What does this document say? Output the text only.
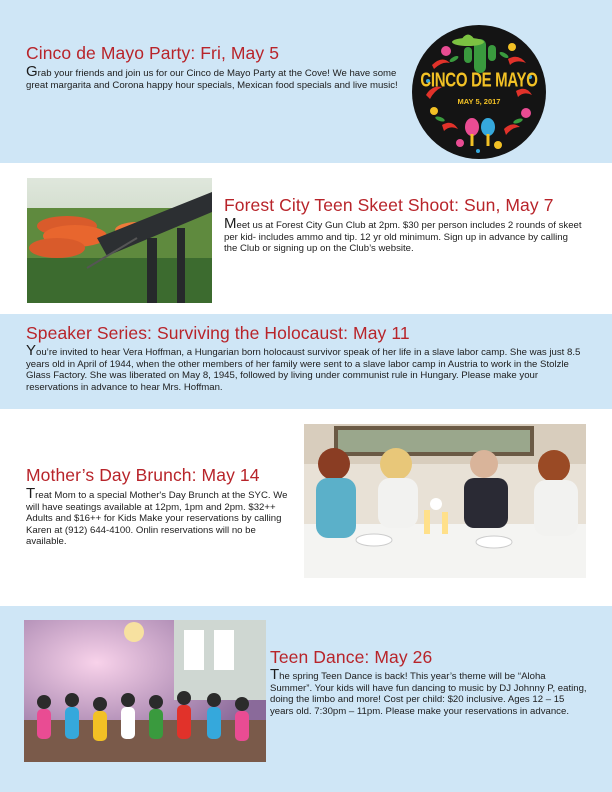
Cinco de Mayo Party: Fri, May 5
Grab your friends and join us for our Cinco de Mayo Party at the Cove! We have some great margarita and Corona happy hour specials, Mexican food specials and live music!	CINCO DE MAYO
MAY 5, 2017
Forest City Teen Skeet Shoot: Sun, May 7
Meet us at Forest City Gun Club at 2pm. $30 per person includes 2 rounds of skeet per kid- includes ammo and tip. 12 yr old minimum. Sign up in advance by calling the Club or signing up on the Club’s website.
Speaker Series: Surviving the Holocaust: May 11
You’re invited to hear Vera Hoffman, a Hungarian born holocaust survivor speak of her life in a slave labor camp. She was just 8.5 years old in April of 1944, when the other members of her family were sent to a slave labor camp in Austria to work in the Stolzle Glass Factory. She was liberated on May 8, 1945, followed by living under communist rule in Hungary. Please make your reservations in advance to hear Mrs. Hoffman.
Mother’s Day Brunch: May 14
Treat Mom to a special Mother's Day Brunch at the SYC. We will have seatings available at 12pm, 1pm and 2pm. $32++ Adults and $16++ for Kids Make your reservations by calling Karen at (912) 644-4100. Onlin reservations will no be available.
Teen Dance: May 26
The spring Teen Dance is back! This year’s theme will be “Aloha Summer”. Your kids will have fun dancing to music by DJ Johnny P, eating, doing the limbo and more! Cost per child: $20 inclusive. Ages 12 – 15 years old. 7:30pm – 11pm. Please make your reservations in advance.
